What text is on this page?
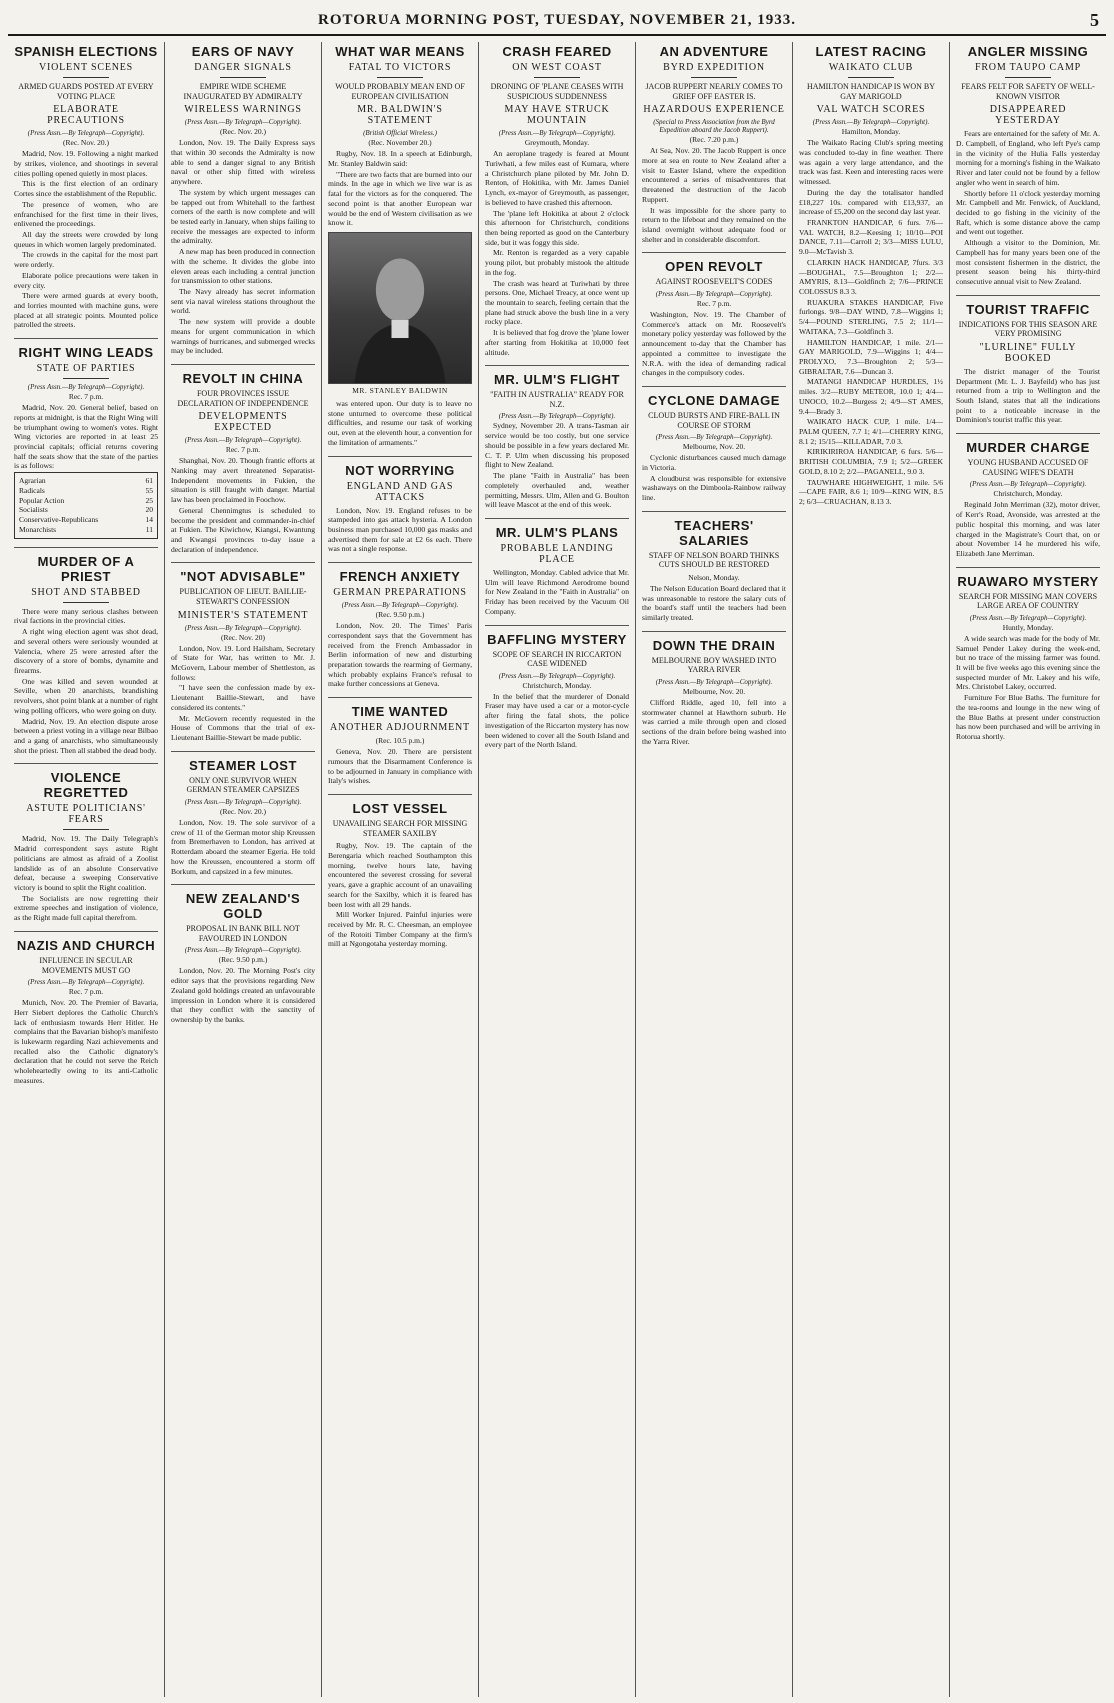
ROTORUA MORNING POST, TUESDAY, NOVEMBER 21, 1933.	5
SPANISH ELECTIONS
VIOLENT SCENES
ARMED GUARDS POSTED AT EVERY VOTING PLACE
ELABORATE PRECAUTIONS
(Press Assn.—By Telegraph—Copyright).
(Rec. Nov. 20.)

Madrid, Nov. 19. Following a night marked by strikes, violence, and shootings in several cities polling opened quietly in most places.

This is the first election of an ordinary Cortes since the establishment of the Republic.

The presence of women, who are enfranchised for the first time in their lives, enlivened the proceedings.

All day the streets were crowded by long queues in which women largely predominated.

The crowds in the capital for the most part were orderly.

Elaborate police precautions were taken in every city.

There were armed guards at every booth, and lorries mounted with machine guns, were placed at all strategic points. Mounted police patrolled the streets.

RIGHT WING LEADS
STATE OF PARTIES
(Press Assn.—By Telegraph—Copyright).
Rec. 7 p.m.

Madrid, Nov. 20. General belief, based on reports at midnight, is that the Right Wing will be triumphant owing to women's votes. Right Wing victories are reported in at least 25 provincial capitals; official returns covering half the seats show that the state of the parties is as follows:

Agrarian	61
Radicals	55
Popular Action	25
Socialists	20
Conservative-Republicans	14
Monarchists	11
MURDER OF A PRIEST
SHOT AND STABBED

There were many serious clashes between rival factions in the provincial cities.

A right wing election agent was shot dead, and several others were seriously wounded at Valencia, where 25 were arrested after the discovery of a store of bombs, dynamite and firearms.

One was killed and seven wounded at Seville, when 20 anarchists, brandishing revolvers, shot point blank at a number of right wing polling officers, who were going on duty.

Madrid, Nov. 19. An election dispute arose between a priest voting in a village near Bilbao and a gang of anarchists, who simultaneously shot the priest. Then all stabbed the dead body.

VIOLENCE REGRETTED
ASTUTE POLITICIANS' FEARS

Madrid, Nov. 19. The Daily Telegraph's Madrid correspondent says astute Right politicians are almost as afraid of a Zoolist landslide as of an absolute Conservative defeat, because a sweeping Conservative victory is bound to split the Right coalition.

The Socialists are now regretting their extreme speeches and instigation of violence, as the Right made full capital therefrom.

NAZIS AND CHURCH
INFLUENCE IN SECULAR MOVEMENTS MUST GO
(Press Assn.—By Telegraph—Copyright).
Rec. 7 p.m.

Munich, Nov. 20. The Premier of Bavaria, Herr Siebert deplores the Catholic Church's lack of enthusiasm towards Herr Hitler. He complains that the Bavarian bishop's manifesto is lukewarm regarding Nazi achievements and recalled also the Catholic dignatory's declaration that he could not serve the Reich wholeheartedly owing to its anti-Catholic measures.

EARS OF NAVY
DANGER SIGNALS
EMPIRE WIDE SCHEME INAUGURATED BY ADMIRALTY
WIRELESS WARNINGS
(Press Assn.—By Telegraph—Copyright).
(Rec. Nov. 20.)

London, Nov. 19. The Daily Express says that within 30 seconds the Admiralty is now able to send a danger signal to any British naval or other ship fitted with wireless anywhere.

The system by which urgent messages can be tapped out from Whitehall to the farthest corners of the earth is now complete and will be tested early in January, when ships failing to receive the messages are expected to inform the admiralty.

A new map has been produced in connection with the scheme. It divides the globe into eleven areas each including a central junction for transmission to other stations.

The Navy already has secret information sent via naval wireless stations throughout the world.

The new system will provide a double means for urgent communication in which warnings of hurricanes, and submerged wrecks may be included.

REVOLT IN CHINA
FOUR PROVINCES ISSUE DECLARATION OF INDEPENDENCE
DEVELOPMENTS EXPECTED
(Press Assn.—By Telegraph—Copyright).
Rec. 7 p.m.

Shanghai, Nov. 20. Though frantic efforts at Nanking may avert threatened Separatist-Independent movements in Fukien, the situation is still fraught with danger. Martial law has been proclaimed in Foochow.

General Chennimgtus is scheduled to become the president and commander-in-chief at Fukien. The Kiwichow, Kiangsi, Kwantung and Kwangsi provinces to-day issue a declaration of independence.

"NOT ADVISABLE"
PUBLICATION OF LIEUT. BAILLIE-STEWART'S CONFESSION
MINISTER'S STATEMENT
(Press Assn.—By Telegraph—Copyright).
(Rec. Nov. 20)

London, Nov. 19. Lord Hailsham, Secretary of State for War, has written to Mr. J. McGovern, Labour member of Shettleston, as follows:

"I have seen the confession made by ex-Lieutenant Baillie-Stewart, and have considered its contents."

Mr. McGovern recently requested in the House of Commons that the trial of ex-Lieutenant Baillie-Stewart be made public.

STEAMER LOST
ONLY ONE SURVIVOR WHEN GERMAN STEAMER CAPSIZES
(Press Assn.—By Telegraph—Copyright).
(Rec. Nov. 20.)

London, Nov. 19. The sole survivor of a crew of 11 of the German motor ship Kreussen from Bremerhaven to London, has arrived at Rotterdam aboard the steamer Egeria. He told how the Kreussen, encountered a storm off Borkum, and capsized in a few minutes.

NEW ZEALAND'S GOLD
PROPOSAL IN BANK BILL NOT FAVOURED IN LONDON
(Press Assn.—By Telegraph—Copyright).
(Rec. 9.50 p.m.)

London, Nov. 20. The Morning Post's city editor says that the provisions regarding New Zealand gold holdings created an unfavourable impression in London where it is considered that they conflict with the sanctity of ownership by the banks.

WHAT WAR MEANS
FATAL TO VICTORS
WOULD PROBABLY MEAN END OF EUROPEAN CIVILISATION
MR. BALDWIN'S STATEMENT
(British Official Wireless.)
(Rec. November 20.)

Rugby, Nov. 18. In a speech at Edinburgh, Mr. Stanley Baldwin said:

"There are two facts that are burned into our minds. In the age in which we live war is as fatal for the victors as for the conquered. The second point is that another European war would be the end of Western civilisation as we know it.

MR. STANLEY BALDWIN

was entered upon. Our duty is to leave no stone unturned to overcome these political difficulties, and resume our task of working out, even at the eleventh hour, a convention for the limitation of armaments."

NOT WORRYING
ENGLAND AND GAS ATTACKS

London, Nov. 19. England refuses to be stampeded into gas attack hysteria. A London business man purchased 10,000 gas masks and advertised them for sale at £2 6s each. There was not a single response.

FRENCH ANXIETY
GERMAN PREPARATIONS
(Press Assn.—By Telegraph—Copyright).
(Rec. 9.50 p.m.)

London, Nov. 20. The Times' Paris correspondent says that the Government has received from the French Ambassador in Berlin information of new and disturbing preparation towards the rearming of Germany, which probably explains France's refusal to make further concessions at Geneva.

TIME WANTED
ANOTHER ADJOURNMENT
(Rec. 10.5 p.m.)

Geneva, Nov. 20. There are persistent rumours that the Disarmament Conference is to be adjourned in January in compliance with Italy's wishes.

LOST VESSEL
UNAVAILING SEARCH FOR MISSING STEAMER SAXILBY

Rugby, Nov. 19. The captain of the Berengaria which reached Southampton this morning, twelve hours late, having encountered the severest crossing for several years, gave a graphic account of an unavailing search for the Saxilby, which it is feared has been lost with all 29 hands.

Mill Worker Injured. Painful injuries were received by Mr. R. C. Cheesman, an employee of the Rotoiti Timber Company at the firm's mill at Ngongotaha yesterday morning.

CRASH FEARED
ON WEST COAST
DRONING OF 'PLANE CEASES WITH SUSPICIOUS SUDDENNESS
MAY HAVE STRUCK MOUNTAIN
(Press Assn.—By Telegraph—Copyright).
Greymouth, Monday.

An aeroplane tragedy is feared at Mount Turiwhati, a few miles east of Kumara, where a Christchurch plane piloted by Mr. John D. Renton, of Hokitika, with Mr. James Daniel Lynch, ex-mayor of Greymouth, as passenger, is believed to have crashed this afternoon.

The 'plane left Hokitika at about 2 o'clock this afternoon for Christchurch, conditions then being reported as good on the Canterbury side, but it was foggy this side.

Mr. Renton is regarded as a very capable young pilot, but probably mistook the altitude in the fog.

The crash was heard at Turiwhati by three persons. One, Michael Treacy, at once went up the mountain to search, feeling certain that the plane had struck above the bush line in a very rocky place.

It is believed that fog drove the 'plane lower after starting from Hokitika at 10,000 feet altitude.

MR. ULM'S FLIGHT
"FAITH IN AUSTRALIA" READY FOR N.Z.
(Press Assn.—By Telegraph—Copyright).

Sydney, November 20. A trans-Tasman air service would be too costly, but one service should be possible in a few years declared Mr. C. T. P. Ulm when discussing his proposed flight to New Zealand.

The plane "Faith in Australia" has been completely overhauled and, weather permitting, Messrs. Ulm, Allen and G. Boulton will leave Mascot at the end of this week.

MR. ULM'S PLANS
PROBABLE LANDING PLACE

Wellington, Monday. Cabled advice that Mr. Ulm will leave Richmond Aerodrome bound for New Zealand in the "Faith in Australia" on Friday has been received by the Vacuum Oil Company.

BAFFLING MYSTERY
SCOPE OF SEARCH IN RICCARTON CASE WIDENED
(Press Assn.—By Telegraph—Copyright).
Christchurch, Monday.

In the belief that the murderer of Donald Fraser may have used a car or a motor-cycle after firing the fatal shots, the police investigation of the Riccarton mystery has now been widened to cover all the South Island and every part of the North Island.

AN ADVENTURE
BYRD EXPEDITION
JACOB RUPPERT NEARLY COMES TO GRIEF OFF EASTER IS.
HAZARDOUS EXPERIENCE
(Special to Press Association from the Byrd Expedition aboard the Jacob Ruppert).
(Rec. 7.20 p.m.)

At Sea, Nov. 20. The Jacob Ruppert is once more at sea en route to New Zealand after a visit to Easter Island, where the expedition encountered a series of misadventures that threatened the destruction of the Jacob Ruppert.

It was impossible for the shore party to return to the lifeboat and they remained on the island overnight without adequate food or shelter and in considerable discomfort.

OPEN REVOLT
AGAINST ROOSEVELT'S CODES
(Press Assn.—By Telegraph—Copyright).
Rec. 7 p.m.

Washington, Nov. 19. The Chamber of Commerce's attack on Mr. Roosevelt's monetary policy yesterday was followed by the announcement to-day that the Chamber has appointed a committee to investigate the N.R.A. with the idea of demanding radical changes in the compulsory codes.

CYCLONE DAMAGE
CLOUD BURSTS AND FIRE-BALL IN COURSE OF STORM
(Press Assn.—By Telegraph—Copyright).
Melbourne, Nov. 20.

Cyclonic disturbances caused much damage in Victoria.

A cloudburst was responsible for extensive washaways on the Dimboola-Rainbow railway line.

TEACHERS' SALARIES
STAFF OF NELSON BOARD THINKS CUTS SHOULD BE RESTORED
Nelson, Monday.

The Nelson Education Board declared that it was unreasonable to restore the salary cuts of the board's staff until the teachers had been similarly treated.

DOWN THE DRAIN
MELBOURNE BOY WASHED INTO YARRA RIVER
(Press Assn.—By Telegraph—Copyright).
Melbourne, Nov. 20.

Clifford Riddle, aged 10, fell into a stormwater channel at Hawthorn suburb. He was carried a mile through open and closed sections of the drain before being washed into the Yarra River.

LATEST RACING
WAIKATO CLUB
HAMILTON HANDICAP IS WON BY GAY MARIGOLD
VAL WATCH SCORES
(Press Assn.—By Telegraph—Copyright).
Hamilton, Monday.

The Waikato Racing Club's spring meeting was concluded to-day in fine weather. There was again a very large attendance, and the track was fast. Keen and interesting races were witnessed.

During the day the totalisator handled £18,227 10s. compared with £13,937, an increase of £5,200 on the second day last year.

FRANKTON HANDICAP, 6 furs. 7/6—VAL WATCH, 8.2—Keesing 1; 10/10—POI DANCE, 7.11—Carroll 2; 3/3—MISS LULU, 9.0—McTavish 3.

CLARKIN HACK HANDICAP, 7furs. 3/3—BOUGHAL, 7.5—Broughton 1; 2/2—AMYRIS, 8.13—Goldfinch 2; 7/6—PRINCE COLOSSUS 8.3 3.

RUAKURA STAKES HANDICAP, Five furlongs. 9/8—DAY WIND, 7.8—Wiggins 1; 5/4—POUND STERLING, 7.5 2; 11/1—WAITAKA, 7.3—Goldfinch 3.

HAMILTON HANDICAP, 1 mile. 2/1—GAY MARIGOLD, 7.9—Wiggins 1; 4/4—PROLYXO, 7.3—Broughton 2; 5/3—GIBRALTAR, 7.6—Duncan 3.

MATANGI HANDICAP HURDLES, 1½ miles. 3/2—RUBY METEOR, 10.0 1; 4/4—UNOCO, 10.2—Burgess 2; 4/9—ST AMES, 9.4—Brady 3.

WAIKATO HACK CUP, 1 mile. 1/4—PALM QUEEN, 7.7 1; 4/1—CHERRY KING, 8.1 2; 15/15—KILLADAR, 7.0 3.

KIRIKIRIROA HANDICAP, 6 furs. 5/6—BRITISH COLUMBIA, 7.9 1; 5/2—GREEK GOLD, 8.10 2; 2/2—PAGANELL, 9.0 3.

TAUWHARE HIGHWEIGHT, 1 mile. 5/6—CAPE FAIR, 8.6 1; 10/9—KING WIN, 8.5 2; 6/3—CRUACHAN, 8.13 3.

ANGLER MISSING
FROM TAUPO CAMP
FEARS FELT FOR SAFETY OF WELL-KNOWN VISITOR
DISAPPEARED YESTERDAY

Fears are entertained for the safety of Mr. A. D. Campbell, of England, who left Pye's camp in the vicinity of the Hulia Falls yesterday morning for a morning's fishing in the Waikato River and later could not be found by a fellow angler who went in search of him.

Shortly before 11 o'clock yesterday morning Mr. Campbell and Mr. Fenwick, of Auckland, decided to go fishing in the vicinity of the Raft, which is some distance above the camp and went out together.

Although a visitor to the Dominion, Mr. Campbell has for many years been one of the most consistent fishermen in the district, the present season being his thirty-third consecutive annual visit to New Zealand.

TOURIST TRAFFIC
INDICATIONS FOR THIS SEASON ARE VERY PROMISING
"LURLINE" FULLY BOOKED

The district manager of the Tourist Department (Mr. L. J. Bayfeild) who has just returned from a trip to Wellington and the South Island, states that all the indications point to a noticeable increase in the Dominion's tourist traffic this year.

MURDER CHARGE
YOUNG HUSBAND ACCUSED OF CAUSING WIFE'S DEATH
(Press Assn.—By Telegraph—Copyright).
Christchurch, Monday.

Reginald John Merriman (32), motor driver, of Kerr's Road, Avonside, was arrested at the public hospital this morning, and was later charged in the Magistrate's Court that, on or about November 14 he murdered his wife, Elizabeth Jane Merriman.

RUAWARO MYSTERY
SEARCH FOR MISSING MAN COVERS LARGE AREA OF COUNTRY
(Press Assn.—By Telegraph—Copyright).
Huntly, Monday.

A wide search was made for the body of Mr. Samuel Pender Lakey during the week-end, but no trace of the missing farmer was found. It will be five weeks ago this evening since the suspected murder of Mr. Lakey and his wife, Mrs. Christobel Lakey, occurred.

Furniture For Blue Baths. The furniture for the tea-rooms and lounge in the new wing of the Blue Baths at present under construction has now been purchased and will be arriving in Rotorua shortly.
